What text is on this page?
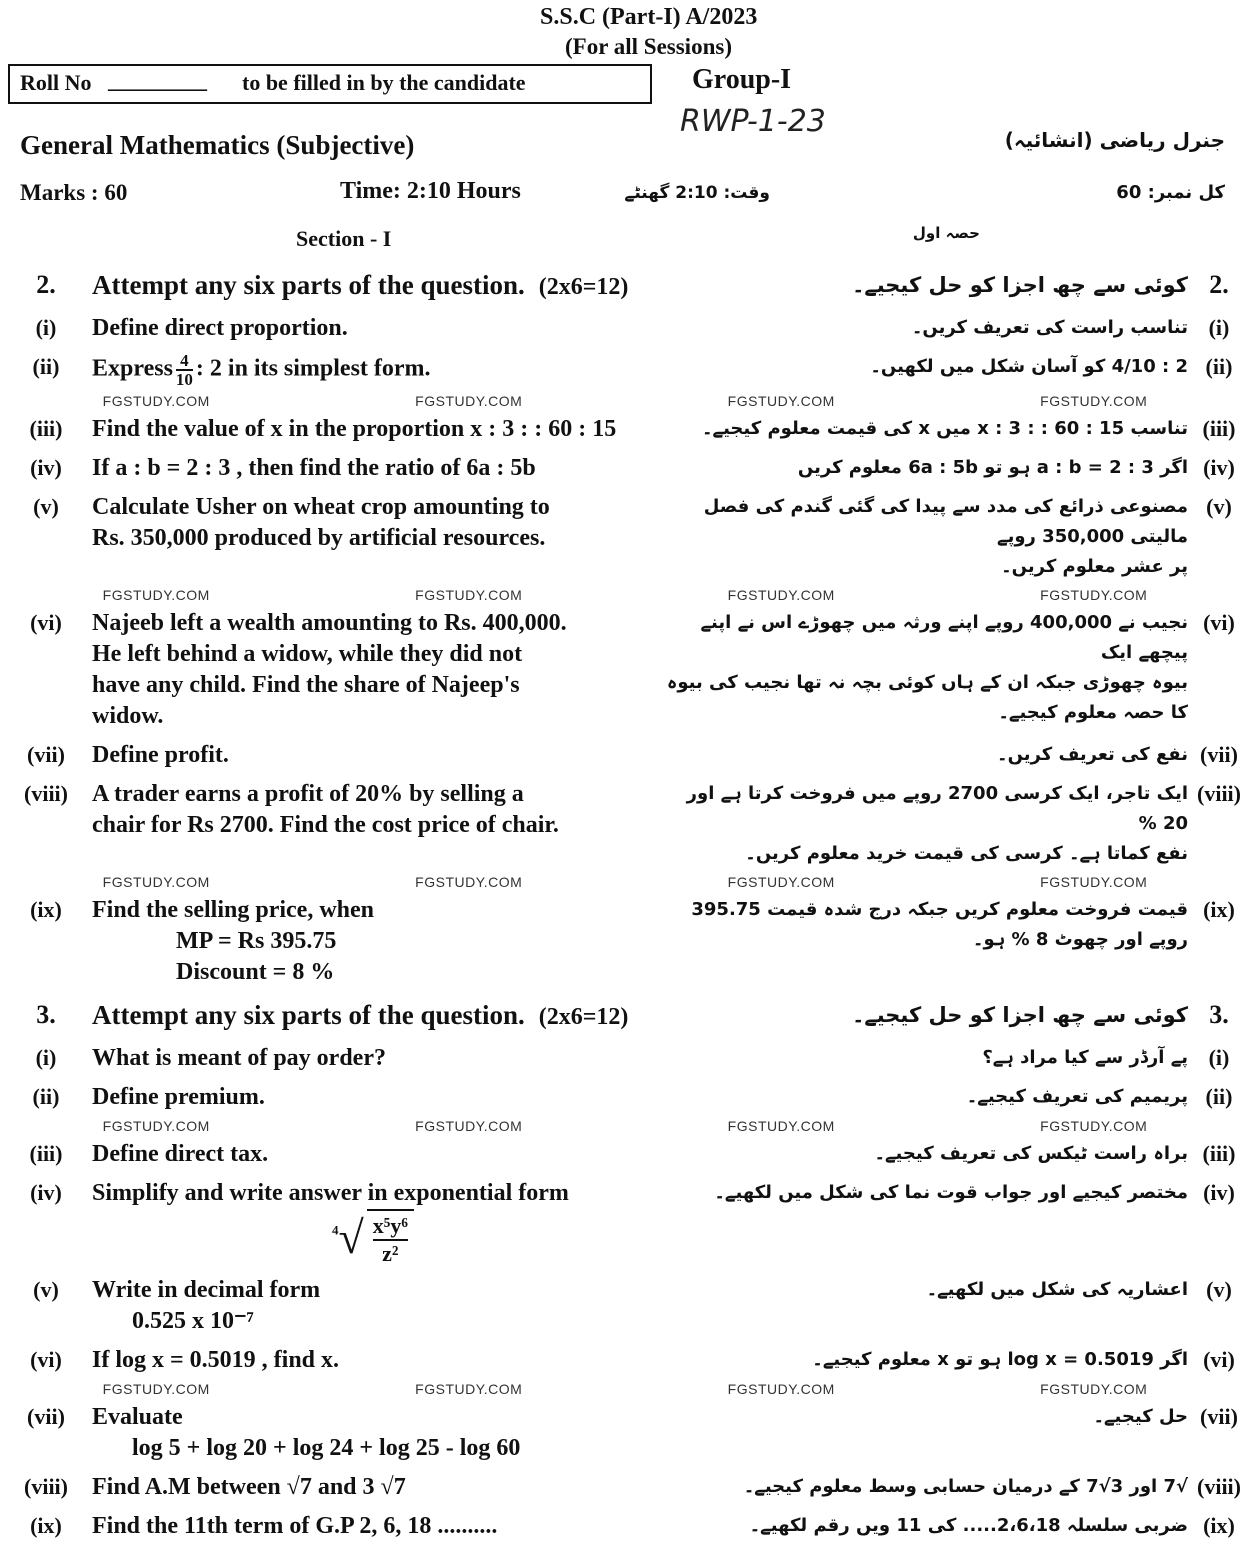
S.S.C (Part-I) A/2023
(For all Sessions)
Roll No _________ to be filled in by the candidate	Group-I
RWP-1-23
General Mathematics (Subjective)	جنرل ریاضی (انشائیہ)
Marks : 60	Time: 2:10 Hours	وقت: 2:10 گھنٹے	کل نمبر: 60
Section - I	حصہ اول
2.	Attempt any six parts of the question. (2x6=12)	کوئی سے چھ اجزا کو حل کیجیے۔ 2.
(i)	Define direct proportion.	تناسب راست کی تعریف کریں۔ (i)
(ii)	Express $\frac{4}{10}$ : 2 in its simplest form.	2 : 4/10 کو آسان شکل میں لکھیں۔ (ii)
FGSTUDY.COM	FGSTUDY.COM	FGSTUDY.COM	FGSTUDY.COM
(iii)	Find the value of x in the proportion x : 3 : : 60 : 15	تناسب x : 3 : : 60 : 15 میں x کی قیمت معلوم کیجیے۔ (iii)
(iv)	If a : b = 2 : 3 , then find the ratio of 6a : 5b	اگر a : b = 2 : 3 ہو تو 6a : 5b معلوم کریں (iv)
(v)	Calculate Usher on wheat crop amounting to
Rs. 350,000 produced by artificial resources.
مصنوعی ذرائع کی مدد سے پیدا کی گئی گندم کی فصل مالیتی 350,000 روپے
پر عشر معلوم کریں۔
(v)
FGSTUDY.COM	FGSTUDY.COM	FGSTUDY.COM	FGSTUDY.COM
(vi)	Najeeb left a wealth amounting to Rs. 400,000.
He left behind a widow, while they did not
have any child. Find the share of Najeep's
widow.
نجیب نے 400,000 روپے اپنے ورثہ میں چھوڑے اس نے اپنے پیچھے ایک
بیوہ چھوڑی جبکہ ان کے ہاں کوئی بچہ نہ تھا نجیب کی بیوہ کا حصہ معلوم کیجیے۔
(vi)
(vii)	Define profit.	نفع کی تعریف کریں۔ (vii)
(viii)	A trader earns a profit of 20% by selling a
chair for Rs 2700. Find the cost price of chair.
ایک تاجر، ایک کرسی 2700 روپے میں فروخت کرتا ہے اور 20 %
نفع کماتا ہے۔ کرسی کی قیمت خرید معلوم کریں۔
(viii)
FGSTUDY.COM	FGSTUDY.COM	FGSTUDY.COM	FGSTUDY.COM
(ix)	Find the selling price, when
MP = Rs 395.75
Discount = 8 %
قیمت فروخت معلوم کریں جبکہ درج شدہ قیمت 395.75 روپے اور چھوٹ 8 % ہو۔
(ix)
3.	Attempt any six parts of the question. (2x6=12)	کوئی سے چھ اجزا کو حل کیجیے۔ 3.
(i)	What is meant of pay order?	پے آرڈر سے کیا مراد ہے؟ (i)
(ii)	Define premium.	پریمیم کی تعریف کیجیے۔ (ii)
FGSTUDY.COM	FGSTUDY.COM	FGSTUDY.COM	FGSTUDY.COM
(iii)	Define direct tax.	براہ راست ٹیکس کی تعریف کیجیے۔ (iii)
(iv)	Simplify and write answer in exponential form
$^4√ \frac{\text{x⁵y⁶}}{\text{z²}}$
مختصر کیجیے اور جواب قوت نما کی شکل میں لکھیے۔ (iv)
(v)	Write in decimal form
0.525 x 10⁻⁷
اعشاریہ کی شکل میں لکھیے۔ (v)
(vi)	If log x = 0.5019 , find x.	اگر log x = 0.5019 ہو تو x معلوم کیجیے۔ (vi)
FGSTUDY.COM	FGSTUDY.COM	FGSTUDY.COM	FGSTUDY.COM
(vii)	Evaluate
log 5 + log 20 + log 24 + log 25 - log 60
حل کیجیے۔ (vii)
(viii)	Find A.M between √7 and 3 √7	√7 اور 3√7 کے درمیان حسابی وسط معلوم کیجیے۔ (viii)
(ix)	Find the 11th term of G.P 2, 6, 18 ..........	ضربی سلسلہ 2،6،18..... کی 11 ویں رقم لکھیے۔ (ix)
